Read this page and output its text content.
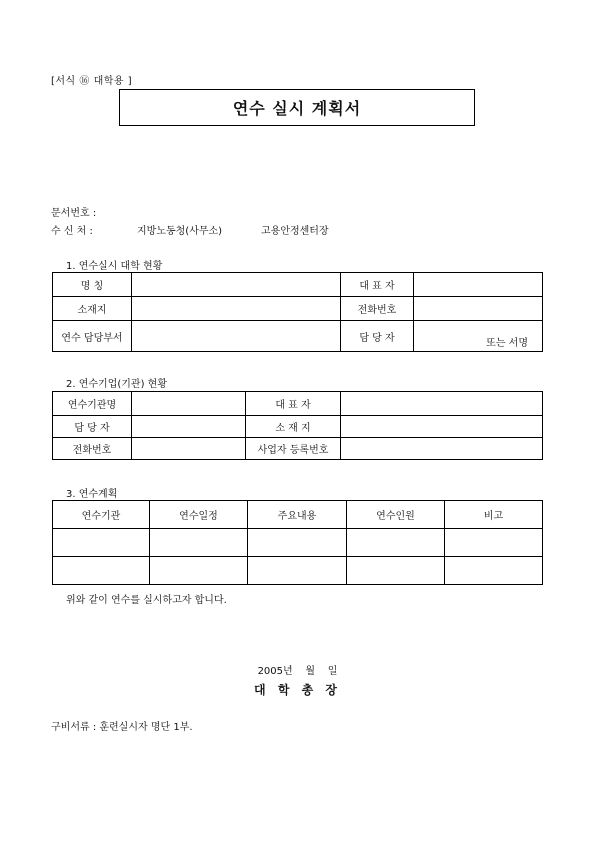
[서식 ⑯ 대학용 ]
연수 실시 계획서
문서번호 :
수 신 처 :	지방노동청(사무소)	고용안정센터장
1. 연수실시 대학 현황
명 칭		대 표 자	
소재지		전화번호	
연수 담당부서		담 당 자	또는 서명
2. 연수기업(기관) 현황
연수기관명		대 표 자	
담 당 자		소 재 지	
전화번호		사업자 등록번호	
3. 연수계획
연수기관	연수일정	주요내용	연수인원	비고

위와 같이 연수를 실시하고자 합니다.
2005년    월    일
대 학 총 장
구비서류 : 훈련실시자 명단 1부.
